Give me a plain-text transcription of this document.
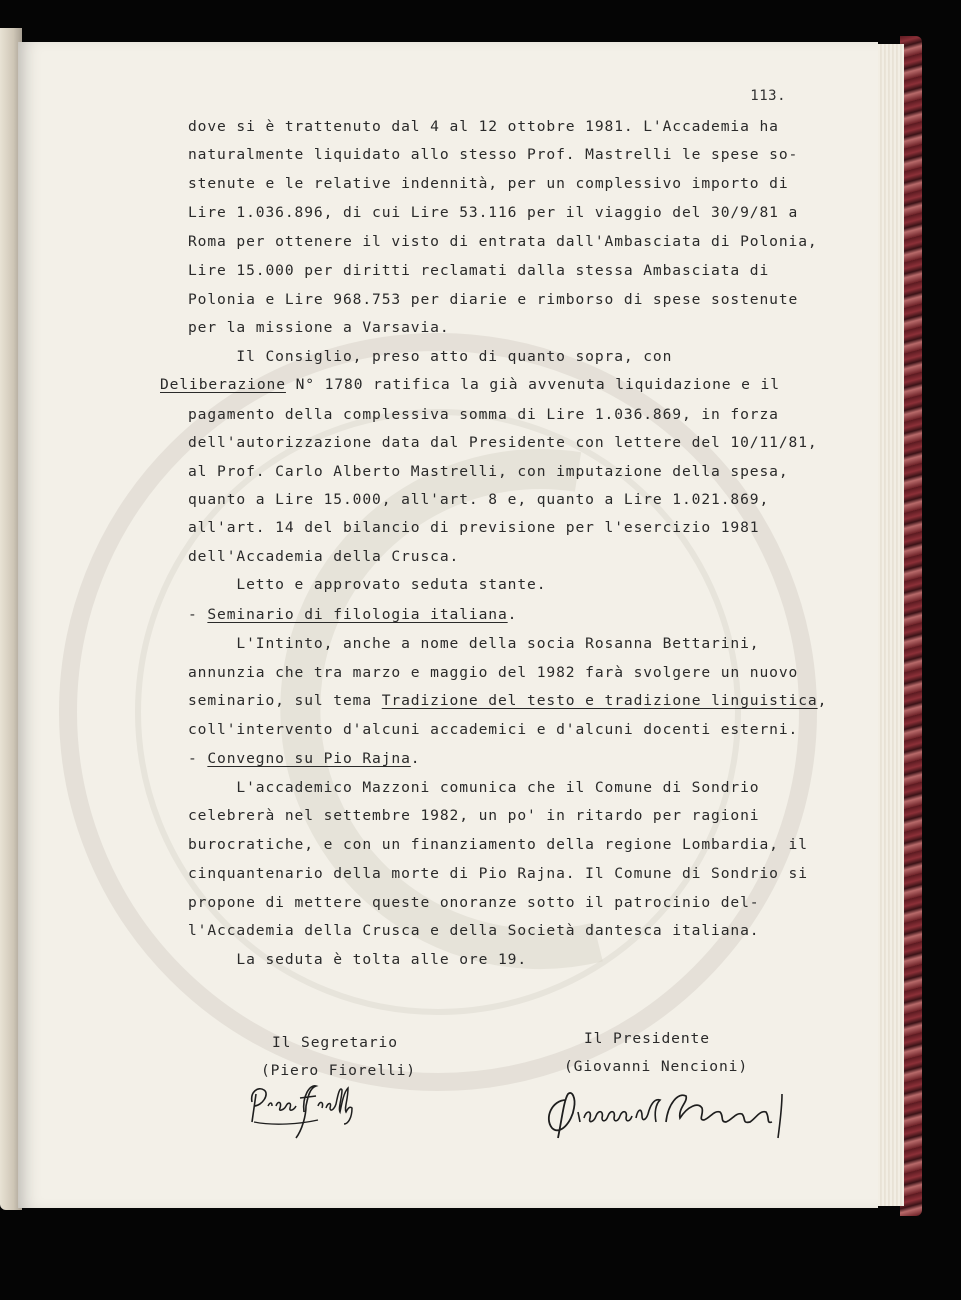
113.
dove si è trattenuto dal 4 al 12 ottobre 1981. L'Accademia ha
naturalmente liquidato allo stesso Prof. Mastrelli le spese so-
stenute e le relative indennità, per un complessivo importo di
Lire 1.036.896, di cui Lire 53.116 per il viaggio del 30/9/81 a
Roma per ottenere il visto di entrata dall'Ambasciata di Polonia,
Lire 15.000 per diritti reclamati dalla stessa Ambasciata di
Polonia e Lire 968.753 per diarie e rimborso di spese sostenute
per la missione a Varsavia.
Il Consiglio, preso atto di quanto sopra, con
Deliberazione N° 1780 ratifica la già avvenuta liquidazione e il
pagamento della complessiva somma di Lire 1.036.869, in forza
dell'autorizzazione data dal Presidente con lettere del 10/11/81,
al Prof. Carlo Alberto Mastrelli, con imputazione della spesa,
quanto a Lire 15.000, all'art. 8 e, quanto a Lire 1.021.869,
all'art. 14 del bilancio di previsione per l'esercizio 1981
dell'Accademia della Crusca.
Letto e approvato seduta stante.
- Seminario di filologia italiana.
L'Intinto, anche a nome della socia Rosanna Bettarini,
annunzia che tra marzo e maggio del 1982 farà svolgere un nuovo
seminario, sul tema Tradizione del testo e tradizione linguistica,
coll'intervento d'alcuni accademici e d'alcuni docenti esterni.
- Convegno su Pio Rajna.
L'accademico Mazzoni comunica che il Comune di Sondrio
celebrerà nel settembre 1982, un po' in ritardo per ragioni
burocratiche, e con un finanziamento della regione Lombardia, il
cinquantenario della morte di Pio Rajna. Il Comune di Sondrio si
propone di mettere queste onoranze sotto il patrocinio del-
l'Accademia della Crusca e della Società dantesca italiana.
La seduta è tolta alle ore 19.
Il Segretario
(Piero Fiorelli)
Il Presidente
(Giovanni Nencioni)
